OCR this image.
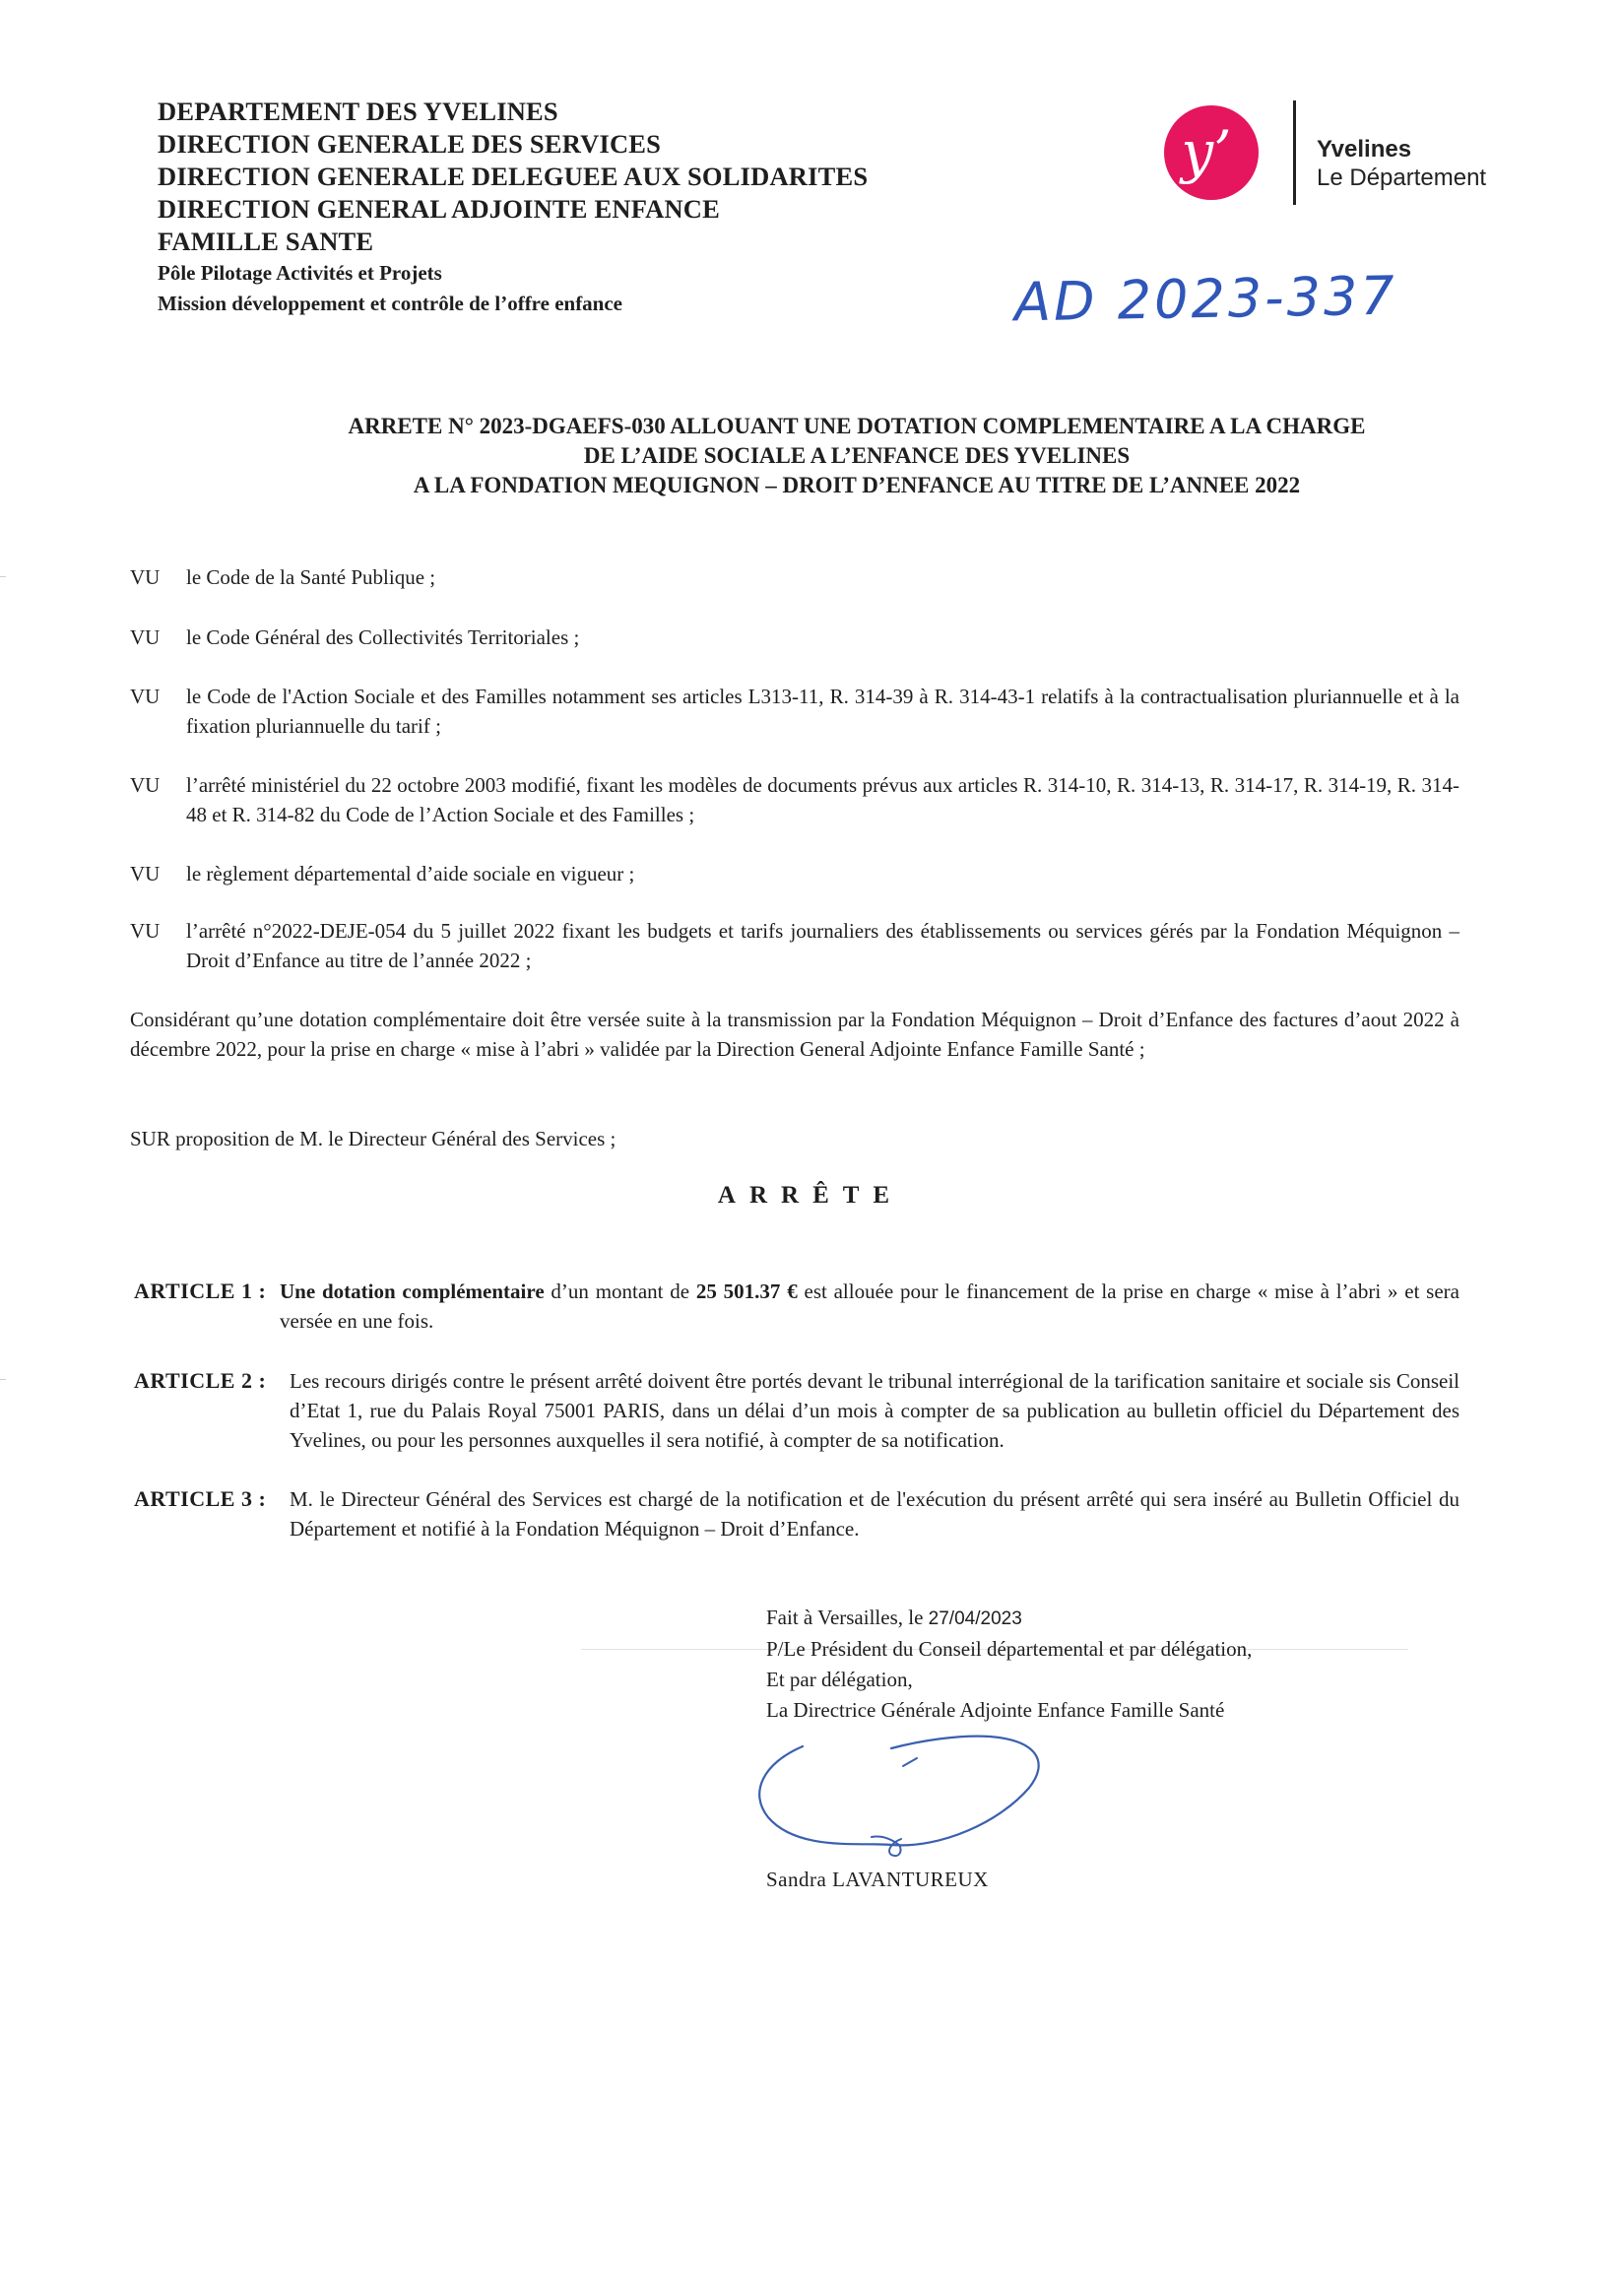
DEPARTEMENT DES YVELINES
DIRECTION GENERALE DES SERVICES
DIRECTION GENERALE DELEGUEE AUX SOLIDARITES
DIRECTION GENERAL ADJOINTE ENFANCE
FAMILLE SANTE
Pôle Pilotage Activités et Projets
Mission développement et contrôle de l’offre enfance
y’	Yvelines
Le Département
AD 2023-337
ARRETE N° 2023-DGAEFS-030 ALLOUANT UNE DOTATION COMPLEMENTAIRE A LA CHARGE
DE L’AIDE SOCIALE A L’ENFANCE DES YVELINES
A LA FONDATION MEQUIGNON – DROIT D’ENFANCE AU TITRE DE L’ANNEE 2022
VU le Code de la Santé Publique ;
VU le Code Général des Collectivités Territoriales ;
VU le Code de l'Action Sociale et des Familles notamment ses articles L313-11, R. 314-39 à R. 314-43-1 relatifs à la contractualisation pluriannuelle et à la fixation pluriannuelle du tarif ;
VU l’arrêté ministériel du 22 octobre 2003 modifié, fixant les modèles de documents prévus aux articles R. 314-10, R. 314-13, R. 314-17, R. 314-19, R. 314-48 et R. 314-82 du Code de l’Action Sociale et des Familles ;
VU le règlement départemental d’aide sociale en vigueur ;
VU l’arrêté n°2022-DEJE-054 du 5 juillet 2022 fixant les budgets et tarifs journaliers des établissements ou services gérés par la Fondation Méquignon – Droit d’Enfance au titre de l’année 2022 ;
Considérant qu’une dotation complémentaire doit être versée suite à la transmission par la Fondation Méquignon – Droit d’Enfance des factures d’aout 2022 à décembre 2022, pour la prise en charge « mise à l’abri » validée par la Direction General Adjointe Enfance Famille Santé ;
SUR proposition de M. le Directeur Général des Services ;
ARRÊTE
ARTICLE 1 : Une dotation complémentaire d’un montant de 25 501.37 € est allouée pour le financement de la prise en charge « mise à l’abri » et sera versée en une fois.
ARTICLE 2 : Les recours dirigés contre le présent arrêté doivent être portés devant le tribunal interrégional de la tarification sanitaire et sociale sis Conseil d’Etat 1, rue du Palais Royal 75001 PARIS, dans un délai d’un mois à compter de sa publication au bulletin officiel du Département des Yvelines, ou pour les personnes auxquelles il sera notifié, à compter de sa notification.
ARTICLE 3 : M. le Directeur Général des Services est chargé de la notification et de l'exécution du présent arrêté qui sera inséré au Bulletin Officiel du Département et notifié à la Fondation Méquignon – Droit d’Enfance.
Fait à Versailles, le 27/04/2023
P/Le Président du Conseil départemental et par délégation,
Et par délégation,
La Directrice Générale Adjointe Enfance Famille Santé
Sandra LAVANTUREUX
